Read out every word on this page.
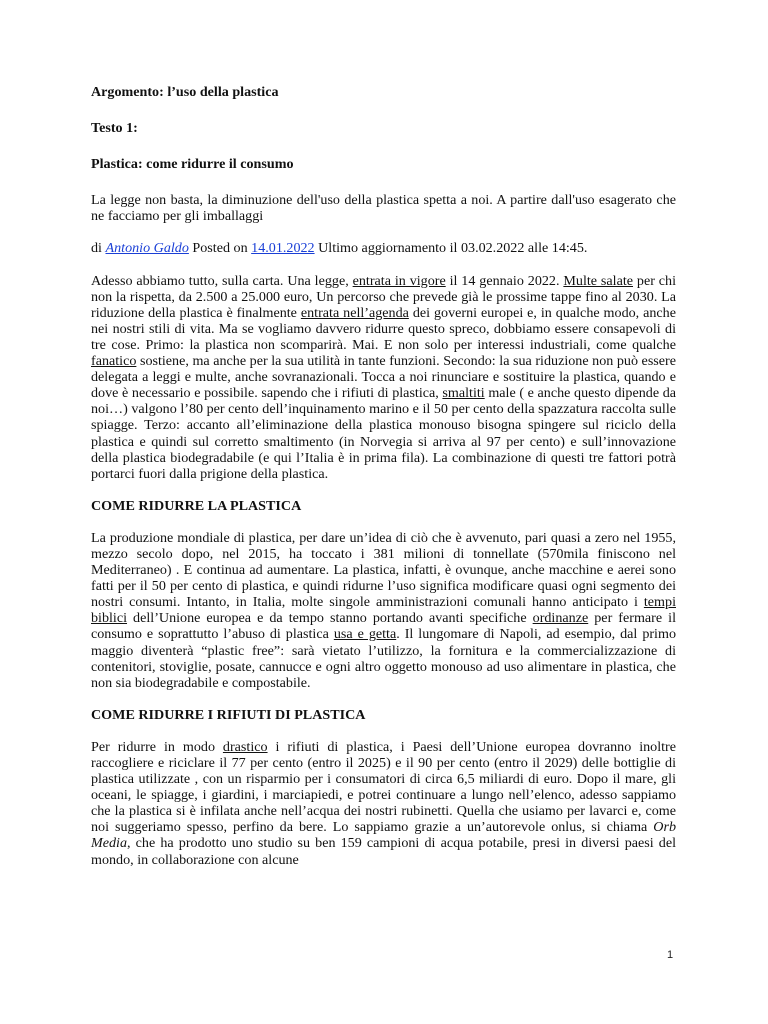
Argomento: l’uso della plastica

Testo 1:

Plastica: come ridurre il consumo

La legge non basta, la diminuzione dell'uso della plastica spetta a noi. A partire dall'uso esagerato che ne facciamo per gli imballaggi

di Antonio Galdo Posted on 14.01.2022 Ultimo aggiornamento il 03.02.2022 alle 14:45.

Adesso abbiamo tutto, sulla carta. Una legge, entrata in vigore il 14 gennaio 2022. Multe salate per chi non la rispetta, da 2.500 a 25.000 euro, Un percorso che prevede già le prossime tappe fino al 2030. La riduzione della plastica è finalmente entrata nell’agenda dei governi europei e, in qualche modo, anche nei nostri stili di vita. Ma se vogliamo davvero ridurre questo spreco, dobbiamo essere consapevoli di tre cose. Primo: la plastica non scomparirà. Mai. E non solo per interessi industriali, come qualche fanatico sostiene, ma anche per la sua utilità in tante funzioni. Secondo: la sua riduzione non può essere delegata a leggi e multe, anche sovranazionali. Tocca a noi rinunciare e sostituire la plastica, quando e dove è necessario e possibile. sapendo che i rifiuti di plastica, smaltiti male ( e anche questo dipende da noi…) valgono l’80 per cento dell’inquinamento marino e il 50 per cento della spazzatura raccolta sulle spiagge. Terzo: accanto all’eliminazione della plastica monouso bisogna spingere sul riciclo della plastica e quindi sul corretto smaltimento (in Norvegia si arriva al 97 per cento) e sull’innovazione della plastica biodegradabile (e qui l’Italia è in prima fila). La combinazione di questi tre fattori potrà portarci fuori dalla prigione della plastica.

COME RIDURRE LA PLASTICA

La produzione mondiale di plastica, per dare un’idea di ciò che è avvenuto, pari quasi a zero nel 1955, mezzo secolo dopo, nel 2015, ha toccato i 381 milioni di tonnellate (570mila finiscono nel Mediterraneo) . E continua ad aumentare. La plastica, infatti, è ovunque, anche macchine e aerei sono fatti per il 50 per cento di plastica, e quindi ridurne l’uso significa modificare quasi ogni segmento dei nostri consumi. Intanto, in Italia, molte singole amministrazioni comunali hanno anticipato i tempi biblici dell’Unione europea e da tempo stanno portando avanti specifiche ordinanze per fermare il consumo e soprattutto l’abuso di plastica usa e getta. Il lungomare di Napoli, ad esempio, dal primo maggio diventerà “plastic free”: sarà vietato l’utilizzo, la fornitura e la commercializzazione di contenitori, stoviglie, posate, cannucce e ogni altro oggetto monouso ad uso alimentare in plastica, che non sia biodegradabile e compostabile.

COME RIDURRE I RIFIUTI DI PLASTICA

Per ridurre in modo drastico i rifiuti di plastica, i Paesi dell’Unione europea dovranno inoltre raccogliere e riciclare il 77 per cento (entro il 2025) e il 90 per cento (entro il 2029) delle bottiglie di plastica utilizzate , con un risparmio per i consumatori di circa 6,5 miliardi di euro. Dopo il mare, gli oceani, le spiagge, i giardini, i marciapiedi, e potrei continuare a lungo nell’elenco, adesso sappiamo che la plastica si è infilata anche nell’acqua dei nostri rubinetti. Quella che usiamo per lavarci e, come noi suggeriamo spesso, perfino da bere. Lo sappiamo grazie a un’autorevole onlus, si chiama Orb Media, che ha prodotto uno studio su ben 159 campioni di acqua potabile, presi in diversi paesi del mondo, in collaborazione con alcune

1
